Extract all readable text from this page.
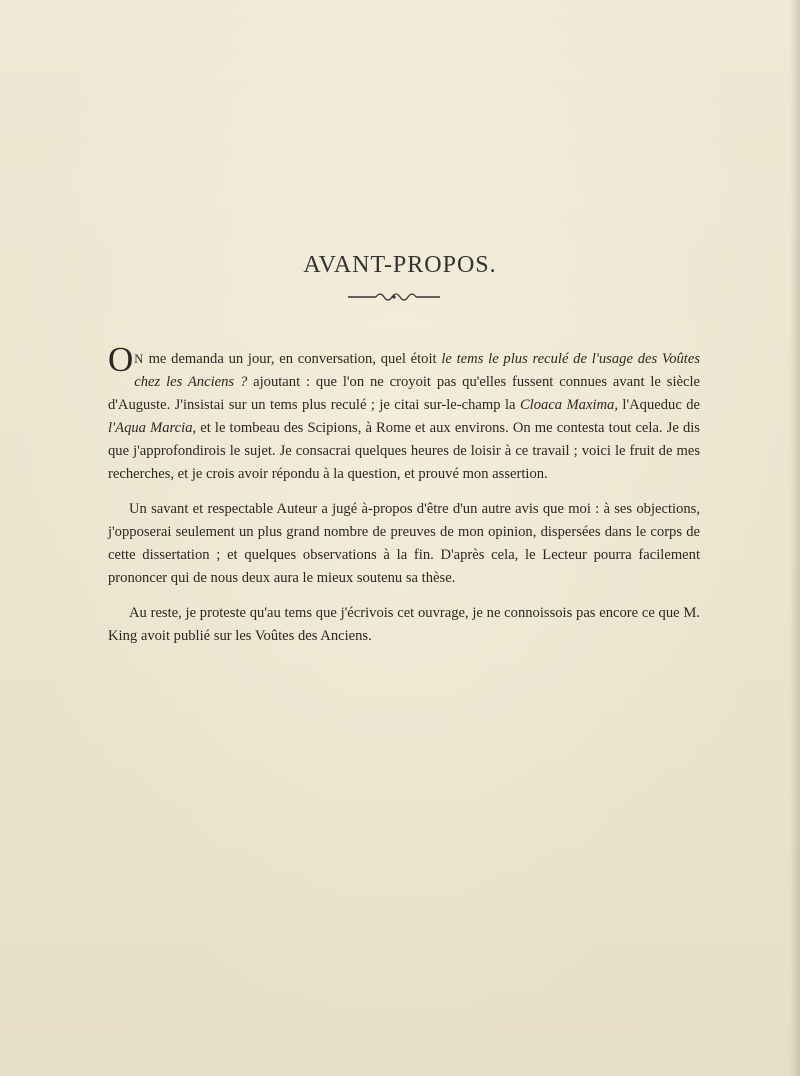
AVANT-PROPOS.

O N me demanda un jour, en conversation, quel étoit le tems le plus reculé de l'usage des Voûtes chez les Anciens ? ajoutant : que l'on ne croyoit pas qu'elles fussent connues avant le siècle d'Auguste. J'insistai sur un tems plus reculé ; je citai sur-le-champ la Cloaca Maxima, l'Aqueduc de l'Aqua Marcia, et le tombeau des Scipions, à Rome et aux environs. On me contesta tout cela. Je dis que j'approfondirois le sujet. Je consacrai quelques heures de loisir à ce travail ; voici le fruit de mes recherches, et je crois avoir répondu à la question, et prouvé mon assertion.

Un savant et respectable Auteur a jugé à-propos d'être d'un autre avis que moi : à ses objections, j'opposerai seulement un plus grand nombre de preuves de mon opinion, dispersées dans le corps de cette dissertation ; et quelques observations à la fin. D'après cela, le Lecteur pourra facilement prononcer qui de nous deux aura le mieux soutenu sa thèse.

Au reste, je proteste qu'au tems que j'écrivois cet ouvrage, je ne connoissois pas encore ce que M. King avoit publié sur les Voûtes des Anciens.
